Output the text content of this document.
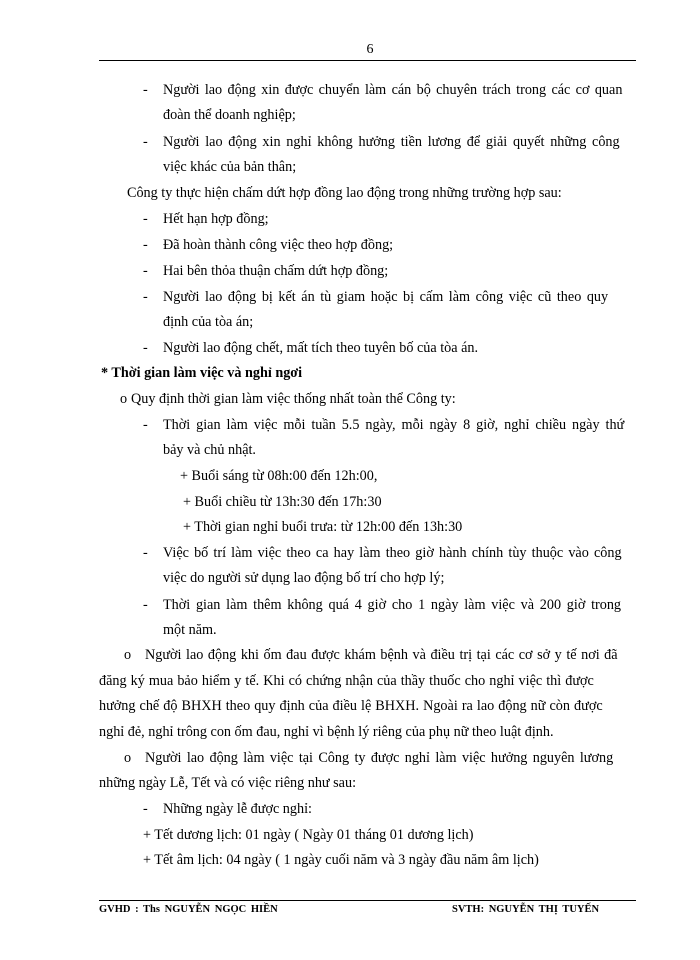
6
- Người lao động xin được chuyển làm cán bộ chuyên trách trong các cơ quan
đoàn thể doanh nghiệp;
- Người lao động xin nghỉ không hưởng tiền lương để giải quyết những công
việc khác của bản thân;
Công ty thực hiện chấm dứt hợp đồng lao động trong những trường hợp sau:
- Hết hạn hợp đồng;
- Đã hoàn thành công việc theo hợp đồng;
- Hai bên thỏa thuận chấm dứt hợp đồng;
- Người lao động bị kết án tù giam hoặc bị cấm làm công việc cũ theo quy
định của tòa án;
- Người lao động chết, mất tích theo tuyên bố của tòa án.
* Thời gian làm việc và nghỉ ngơi
o Quy định thời gian làm việc thống nhất toàn thể Công ty:
- Thời gian làm việc mỗi tuần 5.5 ngày, mỗi ngày 8 giờ, nghỉ chiều ngày thứ
bảy và chủ nhật.
+ Buổi sáng từ 08h:00 đến 12h:00,
+ Buổi chiều từ 13h:30 đến 17h:30
+ Thời gian nghỉ buổi trưa: từ 12h:00 đến 13h:30
- Việc bố trí làm việc theo ca hay làm theo giờ hành chính tùy thuộc vào công
việc do người sử dụng lao động bố trí cho hợp lý;
- Thời gian làm thêm không quá 4 giờ cho 1 ngày làm việc và 200 giờ trong
một năm.
o Người lao động khi ốm đau được khám bệnh và điều trị tại các cơ sở y tế nơi đã
đăng ký mua bảo hiểm y tế. Khi có chứng nhận của thầy thuốc cho nghỉ việc thì được
hưởng chế độ BHXH theo quy định của điều lệ BHXH. Ngoài ra lao động nữ còn được
nghỉ đẻ, nghỉ trông con ốm đau, nghỉ vì bệnh lý riêng của phụ nữ theo luật định.
o Người lao động làm việc tại Công ty được nghỉ làm việc hưởng nguyên lương
những ngày Lễ, Tết và có việc riêng như sau:
- Những ngày lễ được nghỉ:
+ Tết dương lịch: 01 ngày ( Ngày 01 tháng 01 dương lịch)
+ Tết âm lịch: 04 ngày ( 1 ngày cuối năm và 3 ngày đầu năm âm lịch)
GVHD : Ths NGUYỄN NGỌC HIỀN	SVTH: NGUYỄN THỊ TUYẾN
